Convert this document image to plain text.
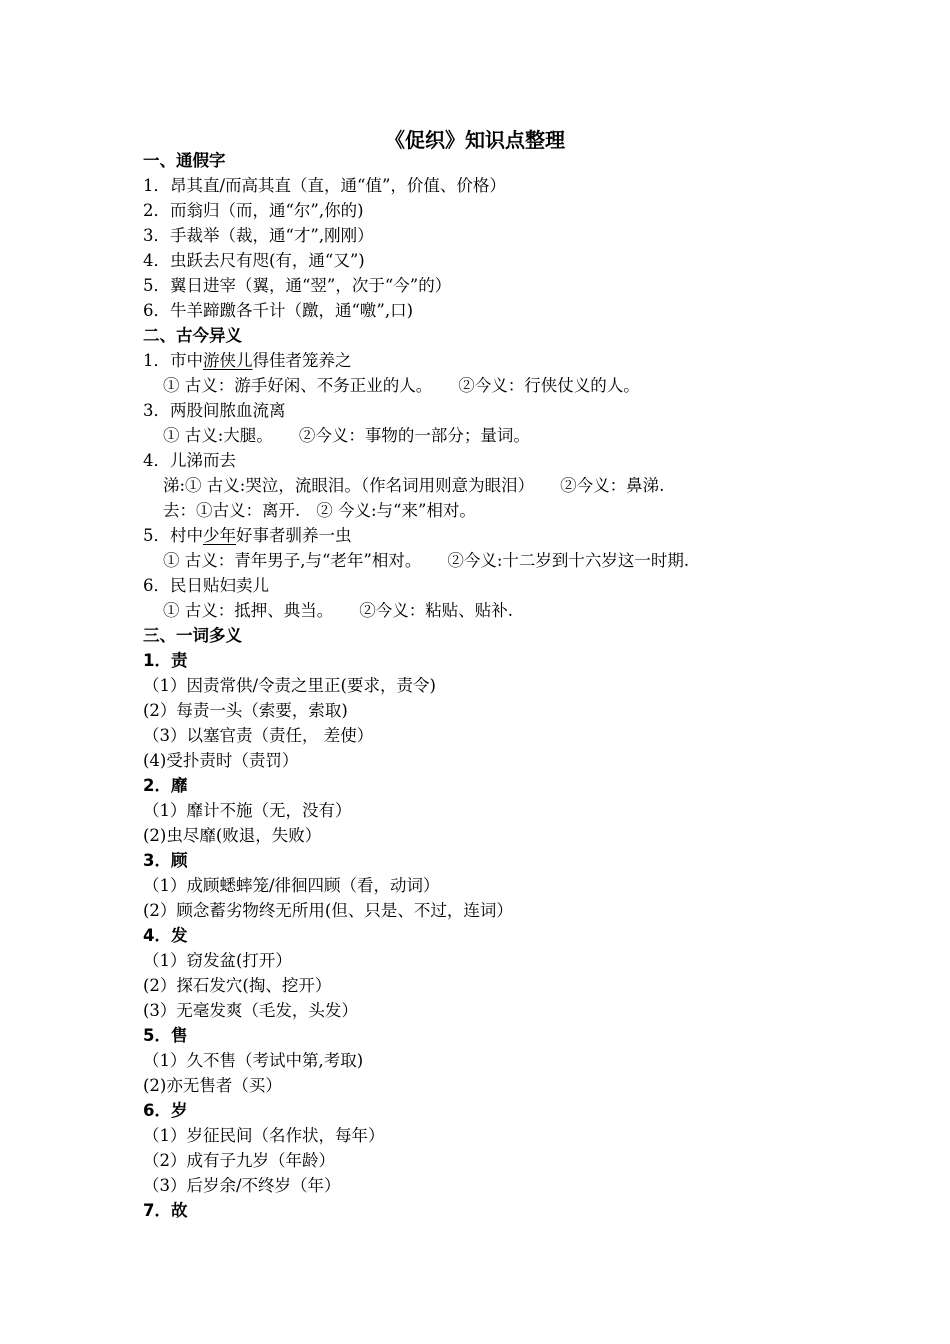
《促织》知识点整理
一、通假字
1．昂其直/而高其直（直，通“值”，价值、价格）
2．而翁归（而，通“尔”,你的)
3．手裁举（裁，通“才”,刚刚）
4．虫跃去尺有咫(有，通“又”)
5．翼日进宰（翼，通“翌”，次于“今”的）
6．牛羊蹄躈各千计（躈，通“噭”,口)
二、古今异义
1．市中游侠儿得佳者笼养之
① 古义：游手好闲、不务正业的人。 ②今义：行侠仗义的人。
3．两股间脓血流离
① 古义:大腿。 ②今义：事物的一部分；量词。
4．儿涕而去
涕:① 古义:哭泣，流眼泪。（作名词用则意为眼泪） ②今义：鼻涕.
去：①古义：离开. ② 今义:与“来”相对。
5．村中少年好事者驯养一虫
① 古义：青年男子,与“老年”相对。 ②今义:十二岁到十六岁这一时期.
6．民日贴妇卖儿
① 古义：抵押、典当。 ②今义：粘贴、贴补.
三、一词多义
1．责
（1）因责常供/令责之里正(要求，责令)
(2）每责一头（索要，索取)
（3）以塞官责（责任， 差使）
(4)受扑责时（责罚）
2．靡
（1）靡计不施（无，没有）
(2)虫尽靡(败退，失败）
3．顾
（1）成顾蟋蟀笼/徘徊四顾（看，动词）
(2）顾念蓄劣物终无所用(但、只是、不过，连词）
4．发
（1）窃发盆(打开）
(2）探石发穴(掏、挖开）
(3）无毫发爽（毛发，头发）
5．售
（1）久不售（考试中第,考取)
(2)亦无售者（买）
6．岁
（1）岁征民间（名作状，每年）
（2）成有子九岁（年龄）
（3）后岁余/不终岁（年）
7．故
